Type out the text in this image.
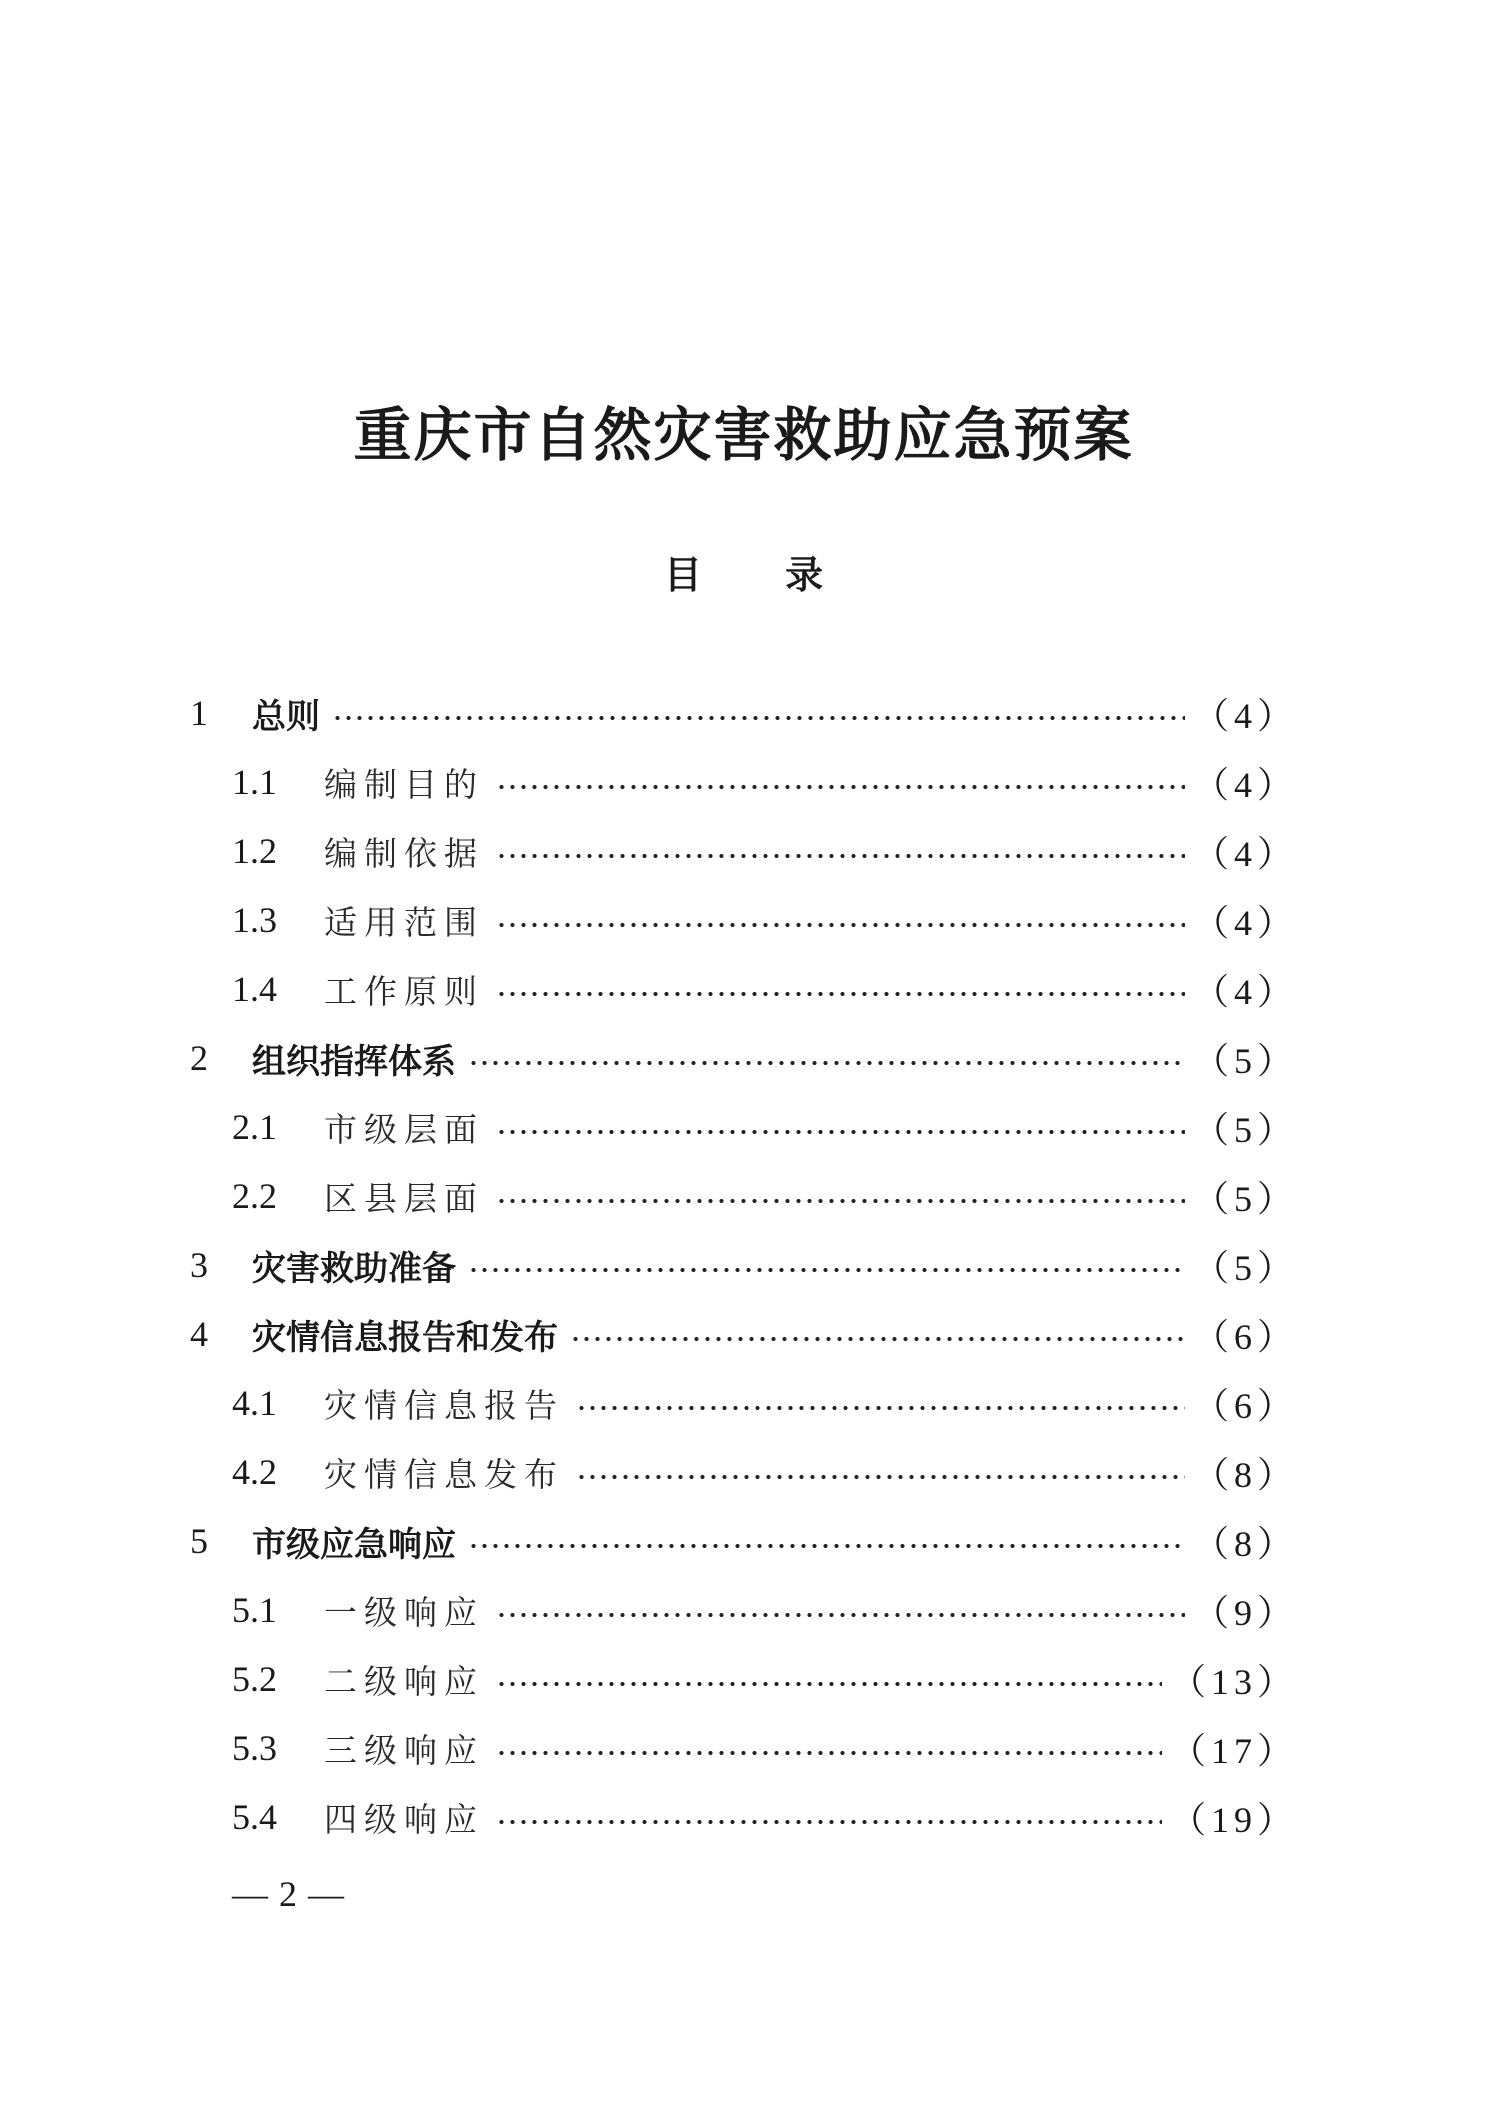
重庆市自然灾害救助应急预案
目 录
1	总则	（4）
1.1	编制目的	（4）
1.2	编制依据	（4）
1.3	适用范围	（4）
1.4	工作原则	（4）
2	组织指挥体系	（5）
2.1	市级层面	（5）
2.2	区县层面	（5）
3	灾害救助准备	（5）
4	灾情信息报告和发布	（6）
4.1	灾情信息报告	（6）
4.2	灾情信息发布	（8）
5	市级应急响应	（8）
5.1	一级响应	（9）
5.2	二级响应	（13）
5.3	三级响应	（17）
5.4	四级响应	（19）
— 2 —
